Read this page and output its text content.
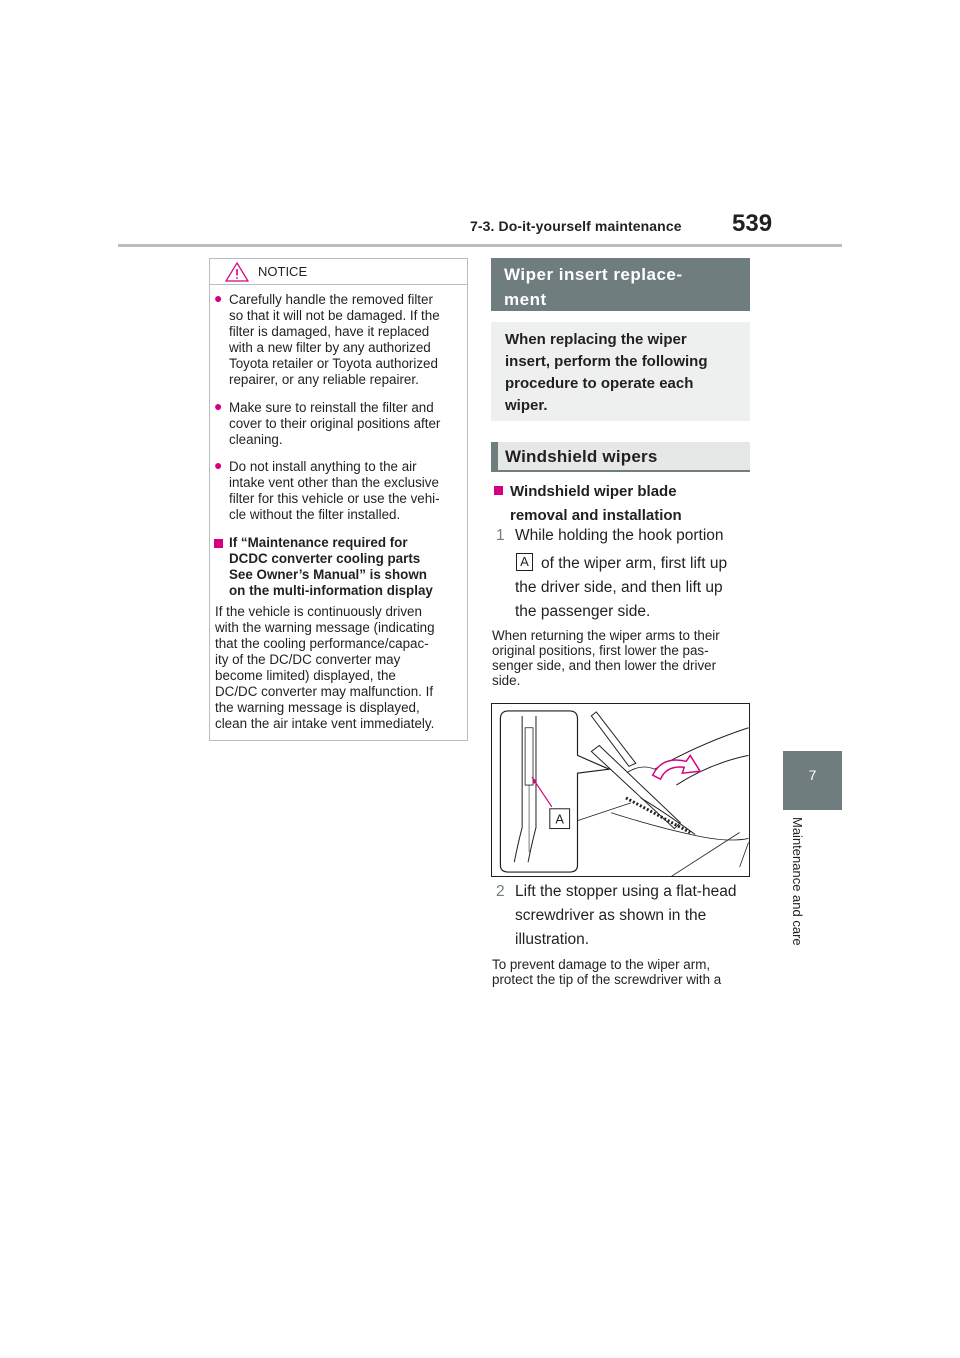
7-3. Do-it-yourself maintenance 539
7
Maintenance and care
NOTICE
● Carefully handle the removed filter
so that it will not be damaged. If the
filter is damaged, have it replaced
with a new filter by any authorized
Toyota retailer or Toyota authorized
repairer, or any reliable repairer.
● Make sure to reinstall the filter and
cover to their original positions after
cleaning.
● Do not install anything to the air
intake vent other than the exclusive
filter for this vehicle or use the vehi-
cle without the filter installed.
If “Maintenance required for
DCDC converter cooling parts
See Owner’s Manual” is shown
on the multi-information display
If the vehicle is continuously driven
with the warning message (indicating
that the cooling performance/capac-
ity of the DC/DC converter may
become limited) displayed, the
DC/DC converter may malfunction. If
the warning message is displayed,
clean the air intake vent immediately.
Wiper insert replace-
ment
When replacing the wiper
insert, perform the following
procedure to operate each
wiper.
Windshield wipers
Windshield wiper blade
removal and installation
1 While holding the hook portion
A of the wiper arm, first lift up
the driver side, and then lift up
the passenger side.
When returning the wiper arms to their
original positions, first lower the pas-
senger side, and then lower the driver
side.
A
2 Lift the stopper using a flat-head
screwdriver as shown in the
illustration.
To prevent damage to the wiper arm,
protect the tip of the screwdriver with a
